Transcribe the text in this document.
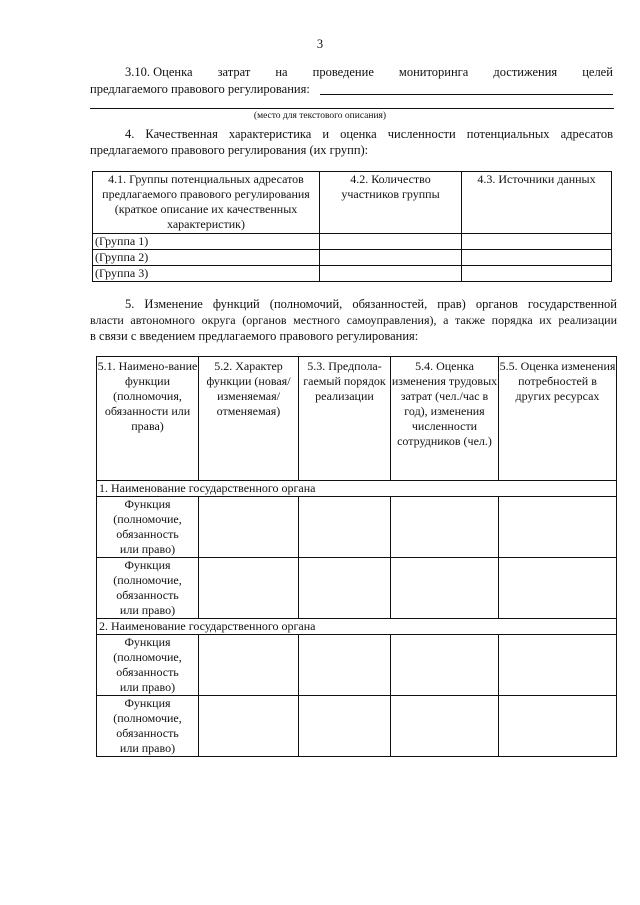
3
3.10. Оценка затрат на проведение мониторинга достижения целей
предлагаемого правового регулирования:
(место для текстового описания)
4. Качественная характеристика и оценка численности потенциальных адресатов
предлагаемого правового регулирования (их групп):
4.1. Группы потенциальных адресатов предлагаемого правового регулирования (краткое описание их качественных характеристик)	4.2. Количество участников группы	4.3. Источники данных
(Группа 1)		
(Группа 2)		
(Группа 3)		
5. Изменение функций (полномочий, обязанностей, прав) органов государственной
власти автономного округа (органов местного самоуправления), а также порядка их реализации
в связи с введением предлагаемого правового регулирования:
5.1. Наимено-вание функции (полномочия, обязанности или права)	5.2. Характер функции (новая/ изменяемая/ отменяемая)	5.3. Предпола-гаемый порядок реализации	5.4. Оценка изменения трудовых затрат (чел./час в год), изменения численности сотрудников (чел.)	5.5. Оценка изменения потребностей в других ресурсах
1. Наименование государственного органа				

Функция
(полномочие,
обязанность
или право)				

Функция
(полномочие,
обязанность
или право)				

2. Наименование государственного органа				

Функция
(полномочие,
обязанность
или право)				

Функция
(полномочие,
обязанность
или право)				
